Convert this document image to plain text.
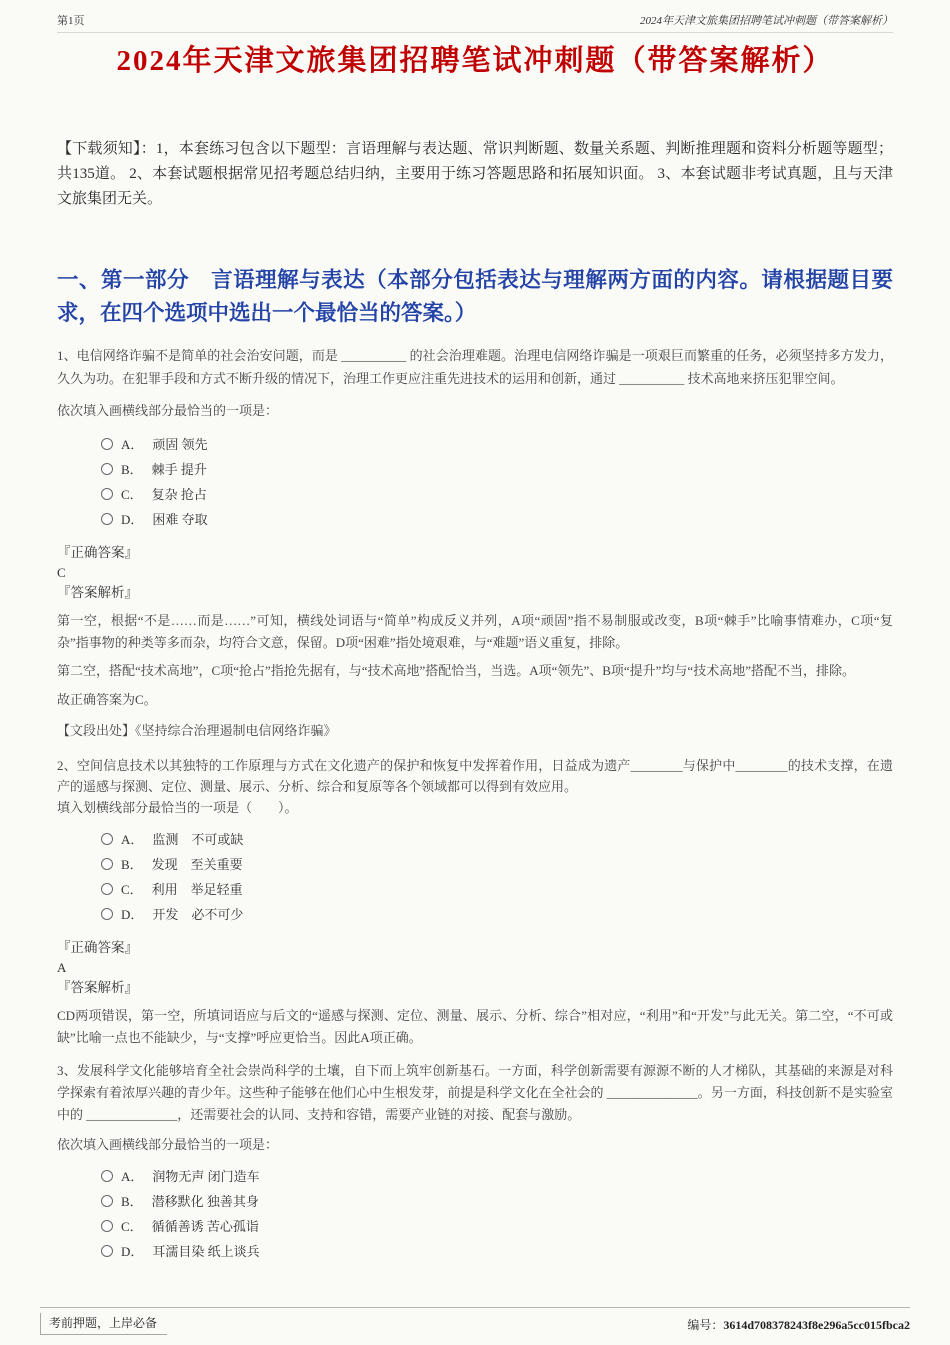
第1页	2024年天津文旅集团招聘笔试冲刺题（带答案解析）
2024年天津文旅集团招聘笔试冲刺题（带答案解析）

【下载须知】：1，本套练习包含以下题型：言语理解与表达题、常识判断题、数量关系题、判断推理题和资料分析题等题型；共135道。 2、本套试题根据常见招考题总结归纳，主要用于练习答题思路和拓展知识面。 3、本套试题非考试真题，且与天津文旅集团无关。

一、第一部分　言语理解与表达（本部分包括表达与理解两方面的内容。请根据题目要求，在四个选项中选出一个最恰当的答案。）

1、电信网络诈骗不是简单的社会治安问题，而是 __________ 的社会治理难题。治理电信网络诈骗是一项艰巨而繁重的任务，必须坚持多方发力，久久为功。在犯罪手段和方式不断升级的情况下，治理工作更应注重先进技术的运用和创新，通过 __________ 技术高地来挤压犯罪空间。

依次填入画横线部分最恰当的一项是：

A． 顽固 领先
B． 棘手 提升
C． 复杂 抢占
D． 困难 夺取

『正确答案』

C

『答案解析』

第一空，根据“不是……而是……”可知，横线处词语与“简单”构成反义并列，A项“顽固”指不易制服或改变，B项“棘手”比喻事情难办，C项“复杂”指事物的种类等多而杂，均符合文意，保留。D项“困难”指处境艰难，与“难题”语义重复，排除。

第二空，搭配“技术高地”，C项“抢占”指抢先据有，与“技术高地”搭配恰当，当选。A项“领先”、B项“提升”均与“技术高地”搭配不当，排除。

故正确答案为C。

【文段出处】《坚持综合治理遏制电信网络诈骗》

2、空间信息技术以其独特的工作原理与方式在文化遗产的保护和恢复中发挥着作用，日益成为遗产________与保护中________的技术支撑，在遗产的遥感与探测、定位、测量、展示、分析、综合和复原等各个领域都可以得到有效应用。

填入划横线部分最恰当的一项是（　　）。

A． 监测　不可或缺
B． 发现　至关重要
C． 利用　举足轻重
D． 开发　必不可少

『正确答案』

A

『答案解析』

CD两项错误，第一空，所填词语应与后文的“遥感与探测、定位、测量、展示、分析、综合”相对应，“利用”和“开发”与此无关。第二空，“不可或缺”比喻一点也不能缺少，与“支撑”呼应更恰当。因此A项正确。

3、发展科学文化能够培育全社会崇尚科学的土壤，自下而上筑牢创新基石。一方面，科学创新需要有源源不断的人才梯队，其基础的来源是对科学探索有着浓厚兴趣的青少年。这些种子能够在他们心中生根发芽，前提是科学文化在全社会的 ______________。另一方面，科技创新不是实验室中的 ______________，还需要社会的认同、支持和容错，需要产业链的对接、配套与激励。

依次填入画横线部分最恰当的一项是：

A． 润物无声 闭门造车
B． 潜移默化 独善其身
C． 循循善诱 苦心孤诣
D． 耳濡目染 纸上谈兵
考前押题，上岸必备	编号：3614d708378243f8e296a5cc015fbca2
